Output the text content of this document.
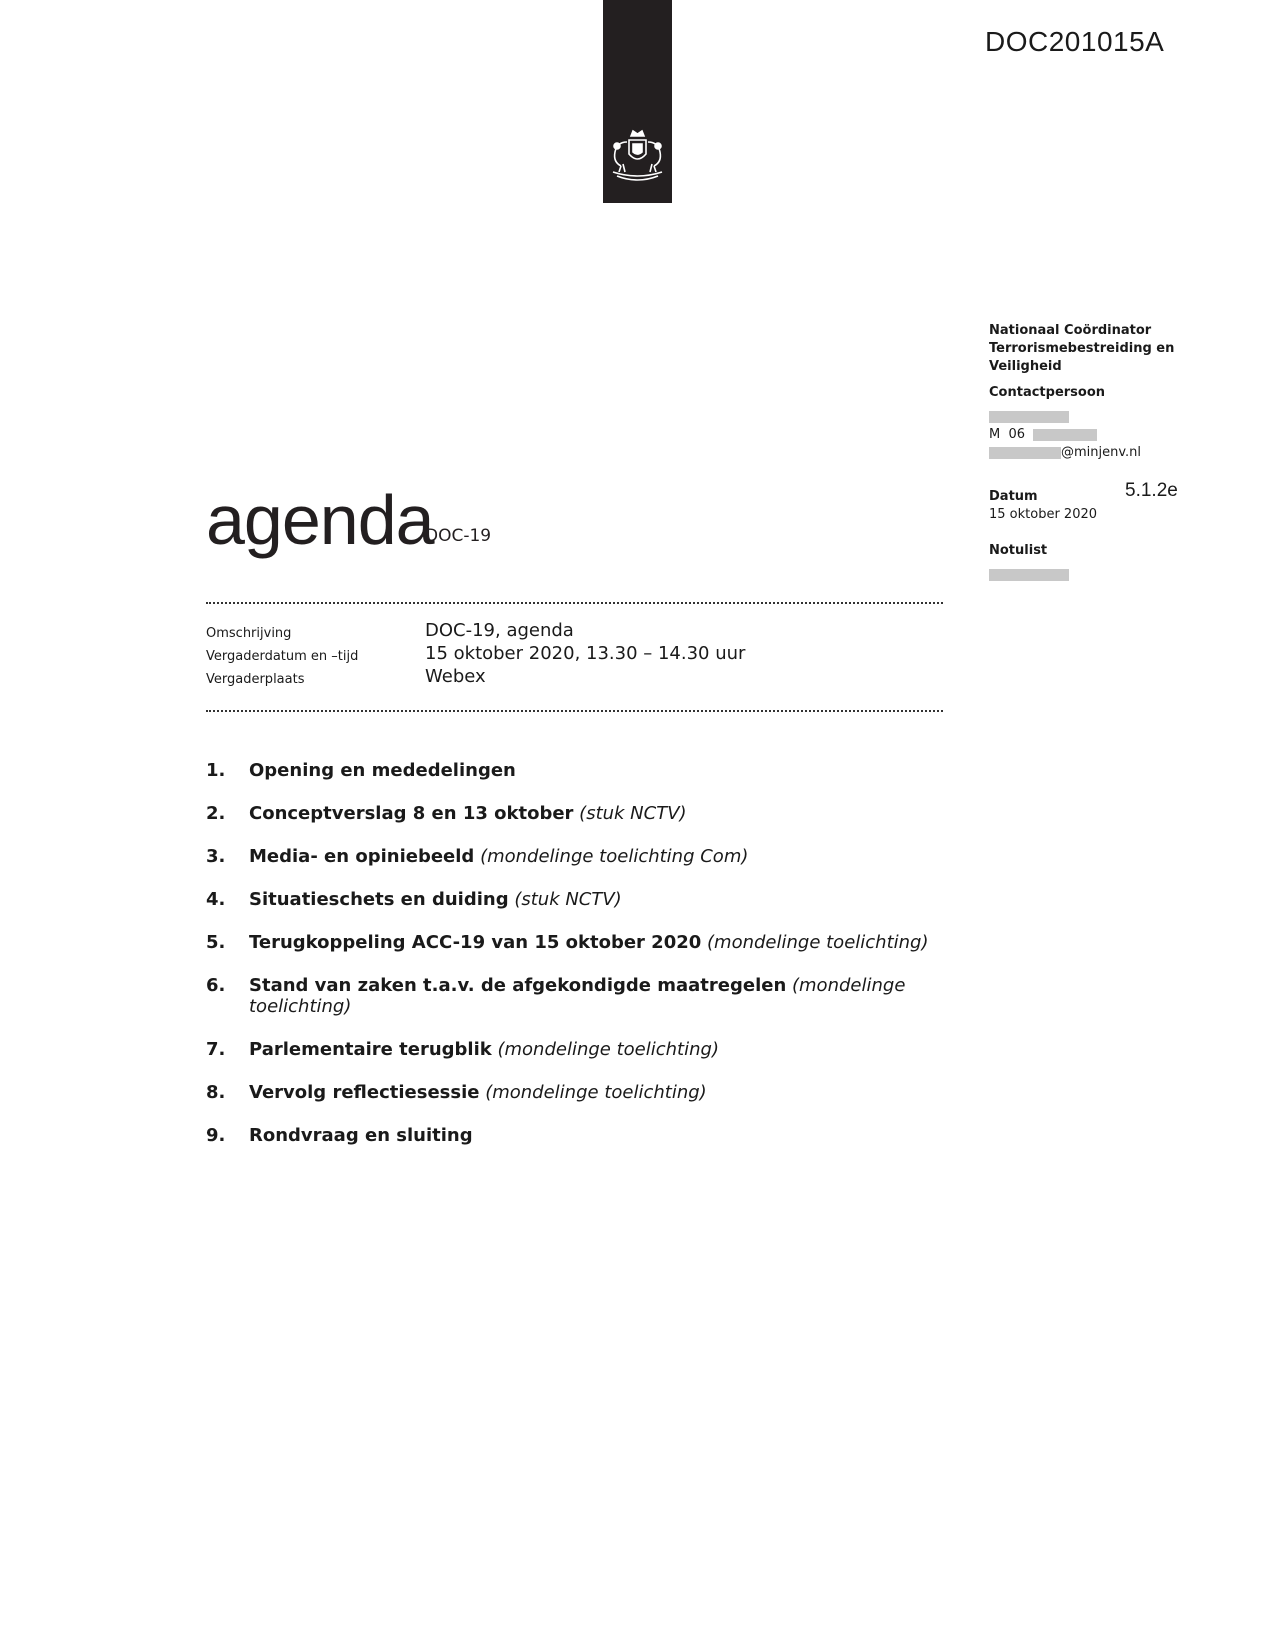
DOC201015A

Nationaal Coördinator Terrorismebestreiding en Veiligheid

Contactpersoon

M  06
@minjenv.nl

Datum

15 oktober 2020

Notulist

5.1.2e
agenda
DOC-19
Omschrijving	DOC-19, agenda
Vergaderdatum en –tijd	15 oktober 2020, 13.30 – 14.30 uur
Vergaderplaats	Webex
1. Opening en mededelingen
2. Conceptverslag 8 en 13 oktober (stuk NCTV)
3. Media- en opiniebeeld (mondelinge toelichting Com)
4. Situatieschets en duiding (stuk NCTV)
5. Terugkoppeling ACC-19 van 15 oktober 2020 (mondelinge toelichting)
6. Stand van zaken t.a.v. de afgekondigde maatregelen (mondelinge toelichting)
7. Parlementaire terugblik (mondelinge toelichting)
8. Vervolg reflectiesessie (mondelinge toelichting)
9. Rondvraag en sluiting
